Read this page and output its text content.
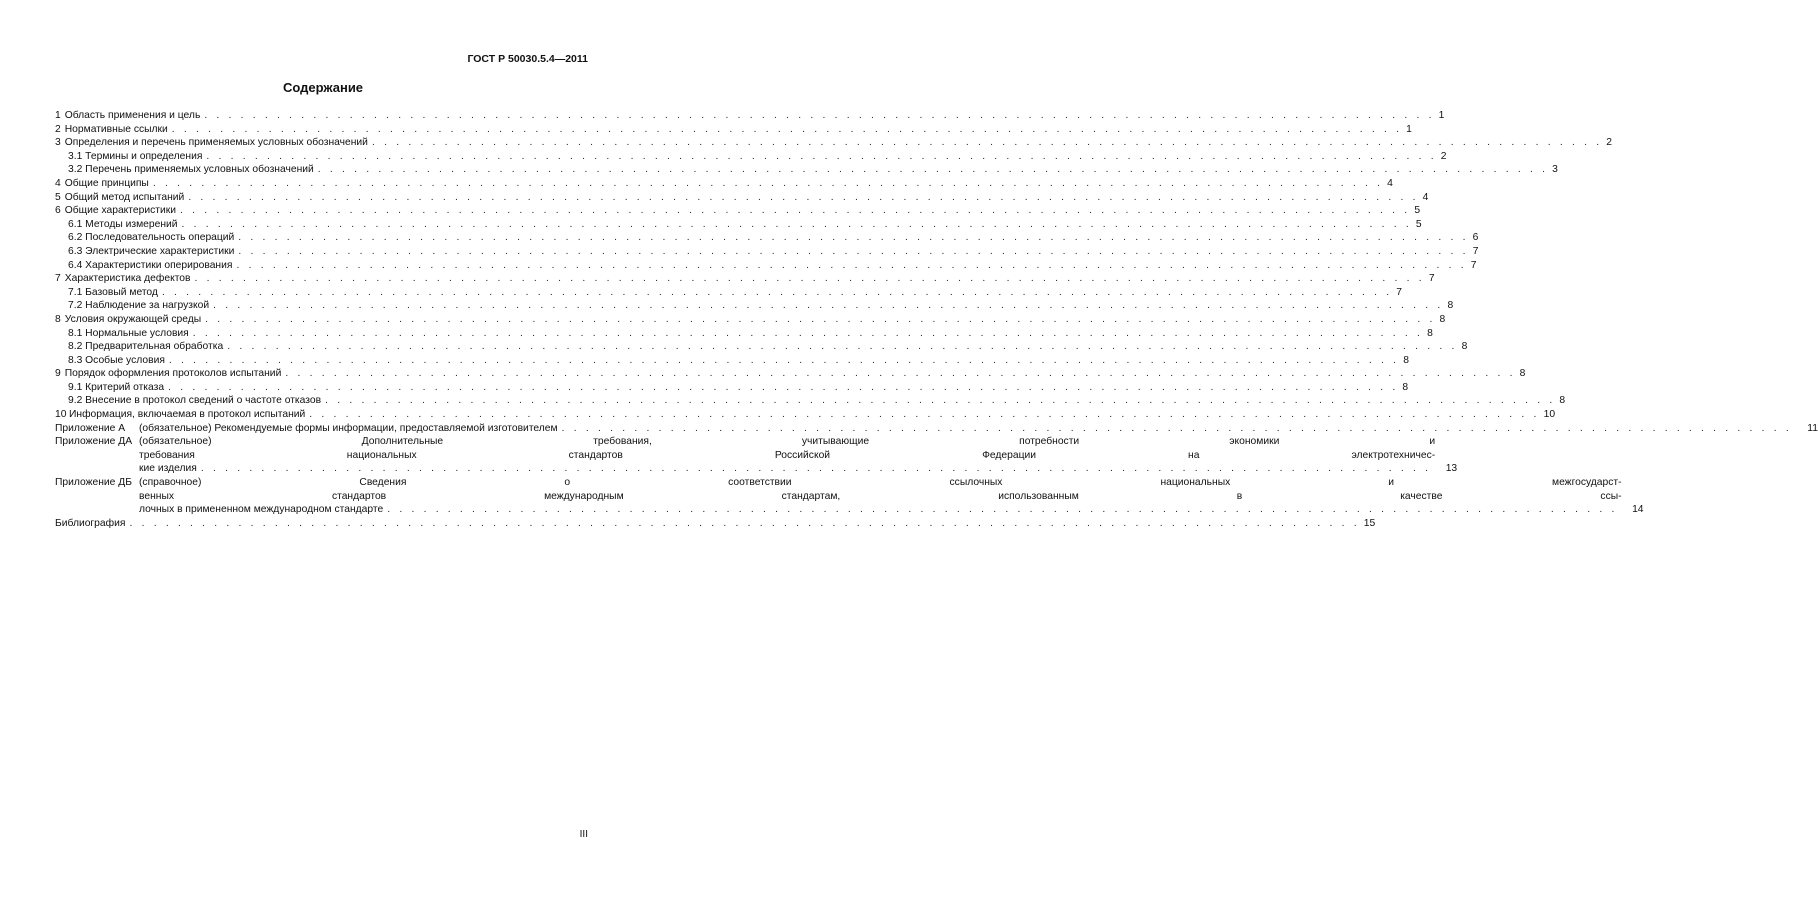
ГОСТ Р 50030.5.4—2011
Содержание
1 Область применения и цель . . .	1
2 Нормативные ссылки . . .	1
3 Определения и перечень применяемых условных обозначений . . .	2
3.1 Термины и определения . . .	2
3.2 Перечень применяемых условных обозначений . . .	3
4 Общие принципы . . .	4
5 Общий метод испытаний . . .	4
6 Общие характеристики . . .	5
6.1 Методы измерений . . .	5
6.2 Последовательность операций . . .	6
6.3 Электрические характеристики . . .	7
6.4 Характеристики оперирования . . .	7
7 Характеристика дефектов . . .	7
7.1 Базовый метод . . .	7
7.2 Наблюдение за нагрузкой . . .	8
8 Условия окружающей среды . . .	8
8.1 Нормальные условия . . .	8
8.2 Предварительная обработка . . .	8
8.3 Особые условия . . .	8
9 Порядок оформления протоколов испытаний . . .	8
9.1 Критерий отказа . . .	8
9.2 Внесение в протокол сведений о частоте отказов . . .	8
10 Информация, включаемая в протокол испытаний . . .	10
Приложение А	(обязательное) Рекомендуемые формы информации, предоставляемой изготовителем . . .	11
Приложение ДА (обязательное) Дополнительные требования, учитывающие потребности экономики и
требования национальных стандартов Российской Федерации на электротехничес-
кие изделия . . .	13
Приложение ДБ (справочное) Сведения о соответствии ссылочных национальных и межгосударст-
венных стандартов международным стандартам, использованным в качестве ссы-
лочных в примененном международном стандарте . . .	14
Библиография . . .	15
III
